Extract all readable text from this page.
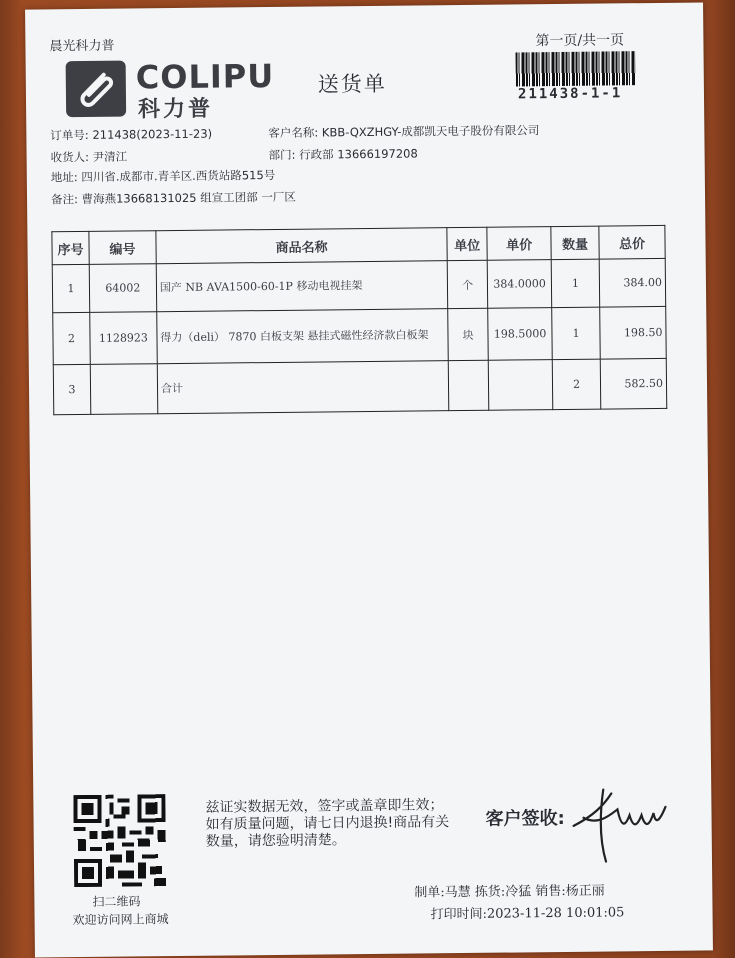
晨光科力普	第一页/共一页
COLIPU
科力普
送货单	211438-1-1
订单号: 211438(2023-11-23)	客户名称: KBB-QXZHGY-成都凯天电子股份有限公司
收货人: 尹清江	部门: 行政部 13666197208
地址: 四川省.成都市.青羊区.西货站路515号
备注: 曹海燕13668131025 组宣工团部 一厂区
序号	编号	商品名称	单位	单价	数量	总价
1	64002	国产 NB AVA1500-60-1P 移动电视挂架	个	384.0000	1	384.00
2	1128923	得力（deli） 7870 白板支架 悬挂式磁性经济款白板架	块	198.5000	1	198.50
3		合计			2	582.50
扫二维码
欢迎访问网上商城
兹证实数据无效，签字或盖章即生效；如有质量问题，请七日内退换!商品有关数量，请您验明清楚。
客户签收:
制单:马慧 拣货:冷猛 销售:杨正丽
打印时间:2023-11-28 10:01:05
